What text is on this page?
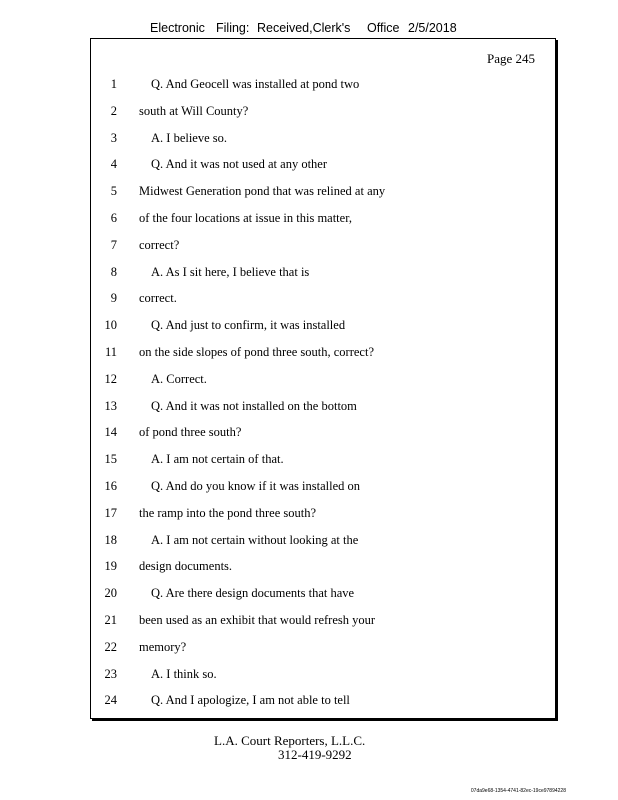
Electronic Filing: Received,Clerk's Office 2/5/2018
Page 245
1	Q. And Geocell was installed at pond two
2 south at Will County?
3	A. I believe so.
4	Q. And it was not used at any other
5 Midwest Generation pond that was relined at any
6 of the four locations at issue in this matter,
7 correct?
8	A. As I sit here, I believe that is
9 correct.
10	Q. And just to confirm, it was installed
11 on the side slopes of pond three south, correct?
12	A. Correct.
13	Q. And it was not installed on the bottom
14 of pond three south?
15	A. I am not certain of that.
16	Q. And do you know if it was installed on
17 the ramp into the pond three south?
18	A. I am not certain without looking at the
19 design documents.
20	Q. Are there design documents that have
21 been used as an exhibit that would refresh your
22 memory?
23	A. I think so.
24	Q. And I apologize, I am not able to tell
L.A. Court Reporters, L.L.C.
312-419-9292
07da9e68-1354-4741-82ec-19ce97894228
